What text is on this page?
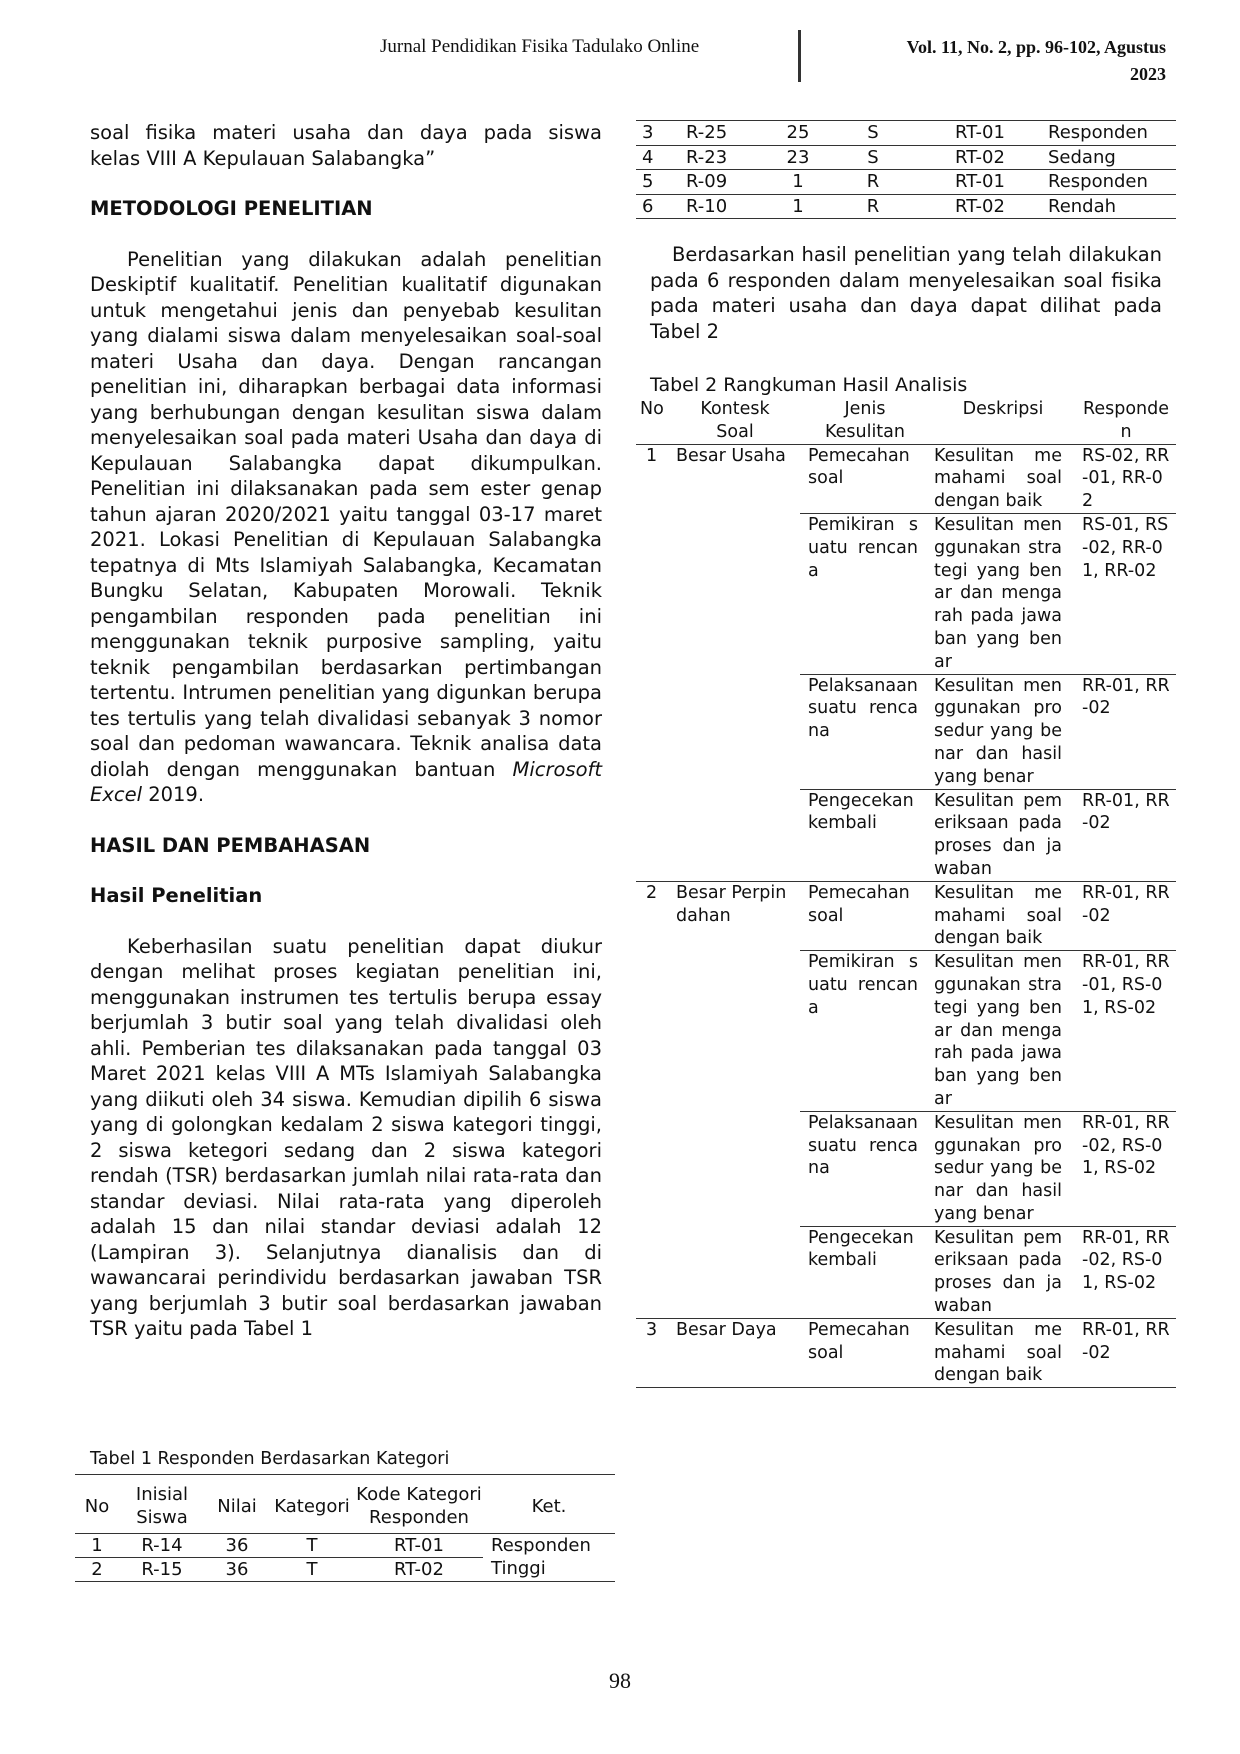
Jurnal Pendidikan Fisika Tadulako Online	Vol. 11, No. 2, pp. 96-102, Agustus
2023

soal fisika materi usaha dan daya pada siswa

kelas VIII A Kepulauan Salabangka”

METODOLOGI PENELITIAN

Penelitian yang dilakukan adalah penelitian Deskiptif kualitatif. Penelitian kualitatif digunakan untuk mengetahui jenis dan penyebab kesulitan yang dialami siswa dalam menyelesaikan soal-soal materi Usaha dan daya. Dengan rancangan penelitian ini, diharapkan berbagai data informasi yang berhubungan dengan kesulitan siswa dalam menyelesaikan soal pada materi Usaha dan daya di Kepulauan Salabangka dapat dikumpulkan. Penelitian ini dilaksanakan pada sem ester genap tahun ajaran 2020/2021 yaitu tanggal 03-17 maret 2021. Lokasi Penelitian di Kepulauan Salabangka tepatnya di Mts Islamiyah Salabangka, Kecamatan Bungku Selatan, Kabupaten Morowali. Teknik pengambilan responden pada penelitian ini menggunakan teknik purposive sampling, yaitu teknik pengambilan berdasarkan pertimbangan tertentu. Intrumen penelitian yang digunkan berupa tes tertulis yang telah divalidasi sebanyak 3 nomor soal dan pedoman wawancara. Teknik analisa data diolah dengan menggunakan bantuan Microsoft Excel 2019.

HASIL DAN PEMBAHASAN
Hasil Penelitian

Keberhasilan suatu penelitian dapat diukur dengan melihat proses kegiatan penelitian ini, menggunakan instrumen tes tertulis berupa essay berjumlah 3 butir soal yang telah divalidasi oleh ahli. Pemberian tes dilaksanakan pada tanggal 03 Maret 2021 kelas VIII A MTs Islamiyah Salabangka yang diikuti oleh 34 siswa. Kemudian dipilih 6 siswa yang di golongkan kedalam 2 siswa kategori tinggi, 2 siswa ketegori sedang dan 2 siswa kategori rendah (TSR) berdasarkan jumlah nilai rata-rata dan standar deviasi. Nilai rata-rata yang diperoleh adalah 15 dan nilai standar deviasi adalah 12 (Lampiran 3). Selanjutnya dianalisis dan di wawancarai perindividu berdasarkan jawaban TSR yang berjumlah 3 butir soal berdasarkan jawaban TSR yaitu pada Tabel 1

Tabel 1 Responden Berdasarkan Kategori
No	Inisial Siswa	Nilai	Kategori	Kode Kategori Responden	Ket.
1	R-14	36	T	RT-01	Responden
Tinggi

2	R-15	36	T	RT-02	
3	R-25	25	S	RT-01	Responden
4	R-23	23	S	RT-02	Sedang
5	R-09	1	R	RT-01	Responden
6	R-10	1	R	RT-02	Rendah

Berdasarkan hasil penelitian yang telah dilakukan pada 6 responden dalam menyelesaikan soal fisika pada materi usaha dan daya dapat dilihat pada Tabel 2

Tabel 2 Rangkuman Hasil Analisis
No	Kontesk Soal	Jenis Kesulitan	Deskripsi	Responden
1	Besar Usaha	Pemecahan soal	Kesulitan memahami soal dengan baik	RS-02, RR-01, RR-02
		Pemikiran suatu rencana	Kesulitan menggunakan strategi yang benar dan mengarah pada jawaban yang benar	RS-01, RS-02, RR-01, RR-02
		Pelaksanaan suatu rencana	Kesulitan menggunakan prosedur yang benar dan hasil yang benar	RR-01, RR-02
		Pengecekan kembali	Kesulitan pemeriksaan pada proses dan jawaban	RR-01, RR-02
2	Besar Perpindahan	Pemecahan soal	Kesulitan memahami soal dengan baik	RR-01, RR-02
		Pemikiran suatu rencana	Kesulitan menggunakan strategi yang benar dan mengarah pada jawaban yang benar	RR-01, RR-01, RS-01, RS-02
		Pelaksanaan suatu rencana	Kesulitan menggunakan prosedur yang benar dan hasil yang benar	RR-01, RR-02, RS-01, RS-02
		Pengecekan kembali	Kesulitan pemeriksaan pada proses dan jawaban	RR-01, RR-02, RS-01, RS-02
3	Besar Daya	Pemecahan soal	Kesulitan memahami soal dengan baik	RR-01, RR-02
98
